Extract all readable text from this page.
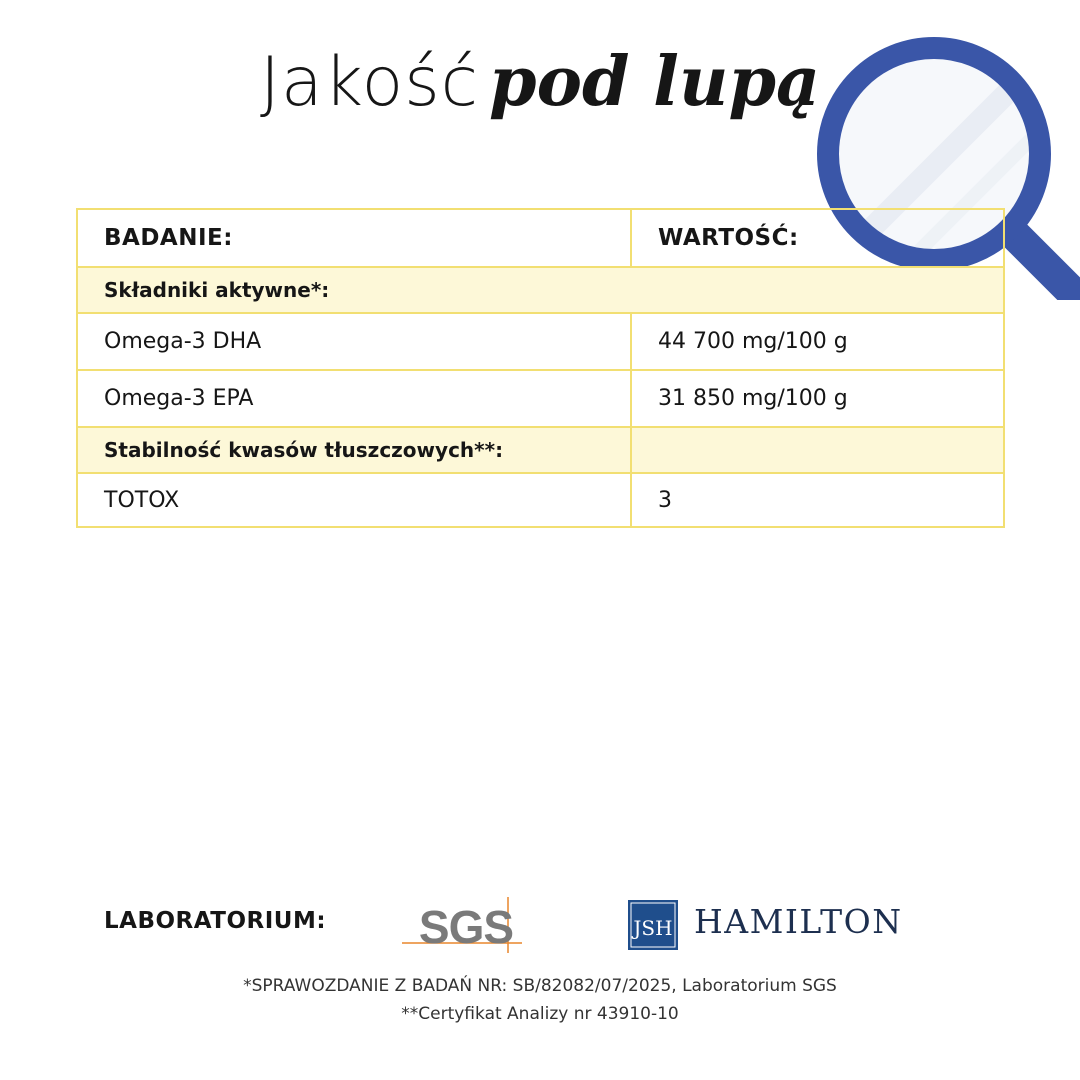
Jakość pod lupą
BADANIE:	WARTOŚĆ:
Składniki aktywne*:	
Omega-3 DHA	44 700 mg/100 g
Omega-3 EPA	31 850 mg/100 g
Stabilność kwasów tłuszczowych**:	
TOTOX	3
LABORATORIUM: SGS	JSH HAMILTON
*SPRAWOZDANIE Z BADAŃ NR: SB/82082/07/2025, Laboratorium SGS
**Certyfikat Analizy nr 43910-10
